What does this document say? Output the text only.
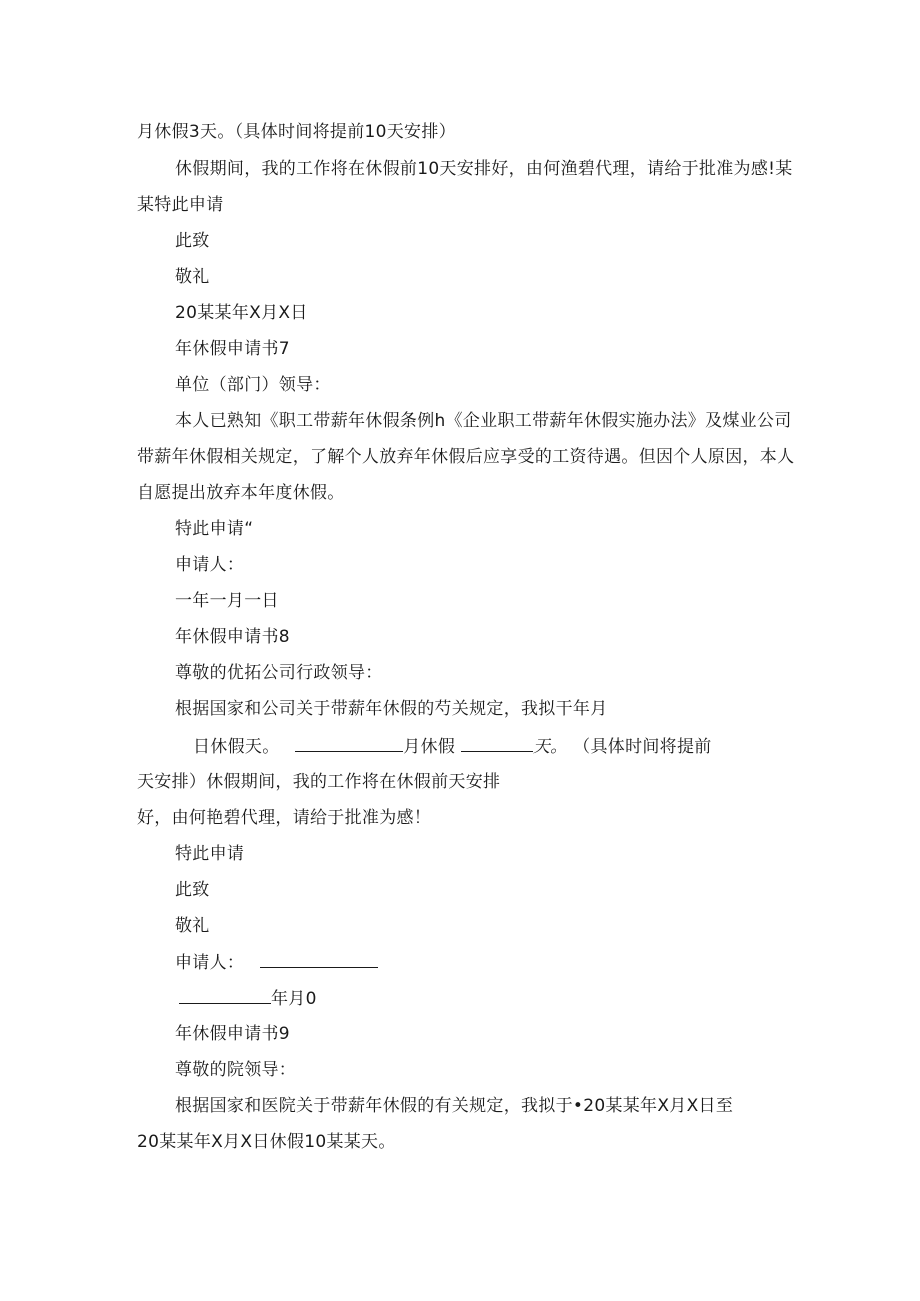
月休假3天。（具体时间将提前10天安排）
休假期间，我的工作将在休假前10天安排好，由何渔碧代理，请给于批准为感!某
某特此申请
此致
敬礼
20某某年X月X日
年休假申请书7
单位（部门）领导：
本人已熟知《职工带薪年休假条例h《企业职工带薪年休假实施办法》及煤业公司
带薪年休假相关规定，了解个人放弃年休假后应享受的工资待遇。但因个人原因，本人
自愿提出放弃本年度休假。
特此申请“
申请人：
一年一月一日
年休假申请书8
尊敬的优拓公司行政领导：
根据国家和公司关于带薪年休假的芍关规定，我拟干年月
日休假天。	月休假	天。 （具体时间将提前
天安排）休假期间，我的工作将在休假前天安排
好，由何艳碧代理，请给于批准为感！
特此申请
此致
敬礼
申请人：
年月0
年休假申请书9
尊敬的院领导：
根据国家和医院关于带薪年休假的有关规定，我拟于•20某某年X月X日至
20某某年X月X日休假10某某天。
